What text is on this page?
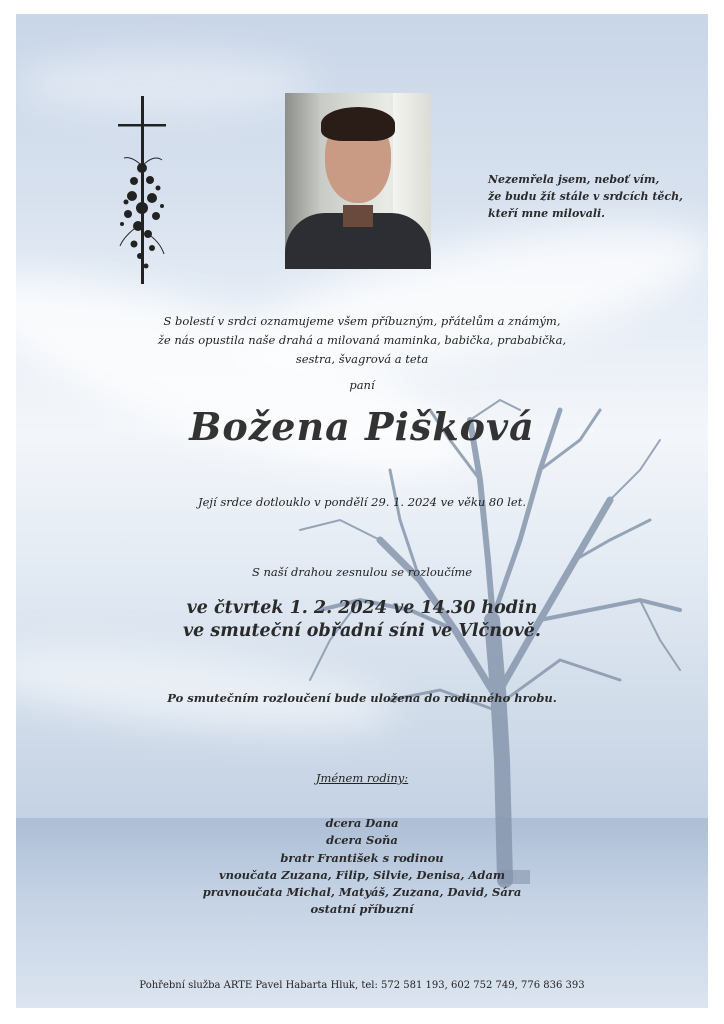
Nezemřela jsem, neboť vím,
že budu žít stále v srdcích těch,
kteří mne milovali.
S bolestí v srdci oznamujeme všem příbuzným, přátelům a známým,
že nás opustila naše drahá a milovaná maminka, babička, prababička,
sestra, švagrová a teta
paní
Božena Pišková
Její srdce dotlouklo v pondělí 29. 1. 2024 ve věku 80 let.
S naší drahou zesnulou se rozloučíme
ve čtvrtek 1. 2. 2024 ve 14.30 hodin
ve smuteční obřadní síni ve Vlčnově.
Po smutečním rozloučení bude uložena do rodinného hrobu.
Jménem rodiny:
dcera Dana
dcera Soňa
bratr František s rodinou
vnoučata Zuzana, Filip, Silvie, Denisa, Adam
pravnoučata Michal, Matyáš, Zuzana, David, Sára
ostatní příbuzní
Pohřební služba ARTE Pavel Habarta Hluk, tel: 572 581 193, 602 752 749, 776 836 393
